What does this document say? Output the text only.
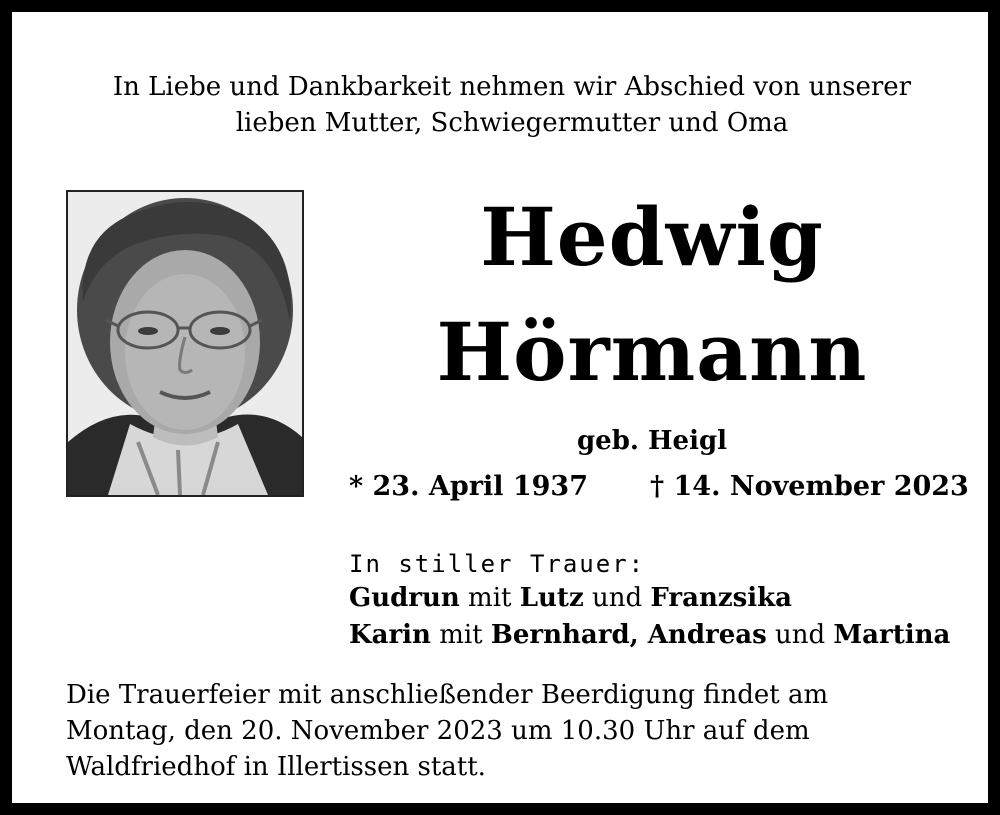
In Liebe und Dankbarkeit nehmen wir Abschied von unserer
lieben Mutter, Schwiegermutter und Oma
Hedwig
Hörmann
geb. Heigl
* 23. April 1937 † 14. November 2023
In stiller Trauer:
Gudrun mit Lutz und Franzsika
Karin mit Bernhard, Andreas und Martina
Die Trauerfeier mit anschließender Beerdigung findet am
Montag, den 20. November 2023 um 10.30 Uhr auf dem
Waldfriedhof in Illertissen statt.
